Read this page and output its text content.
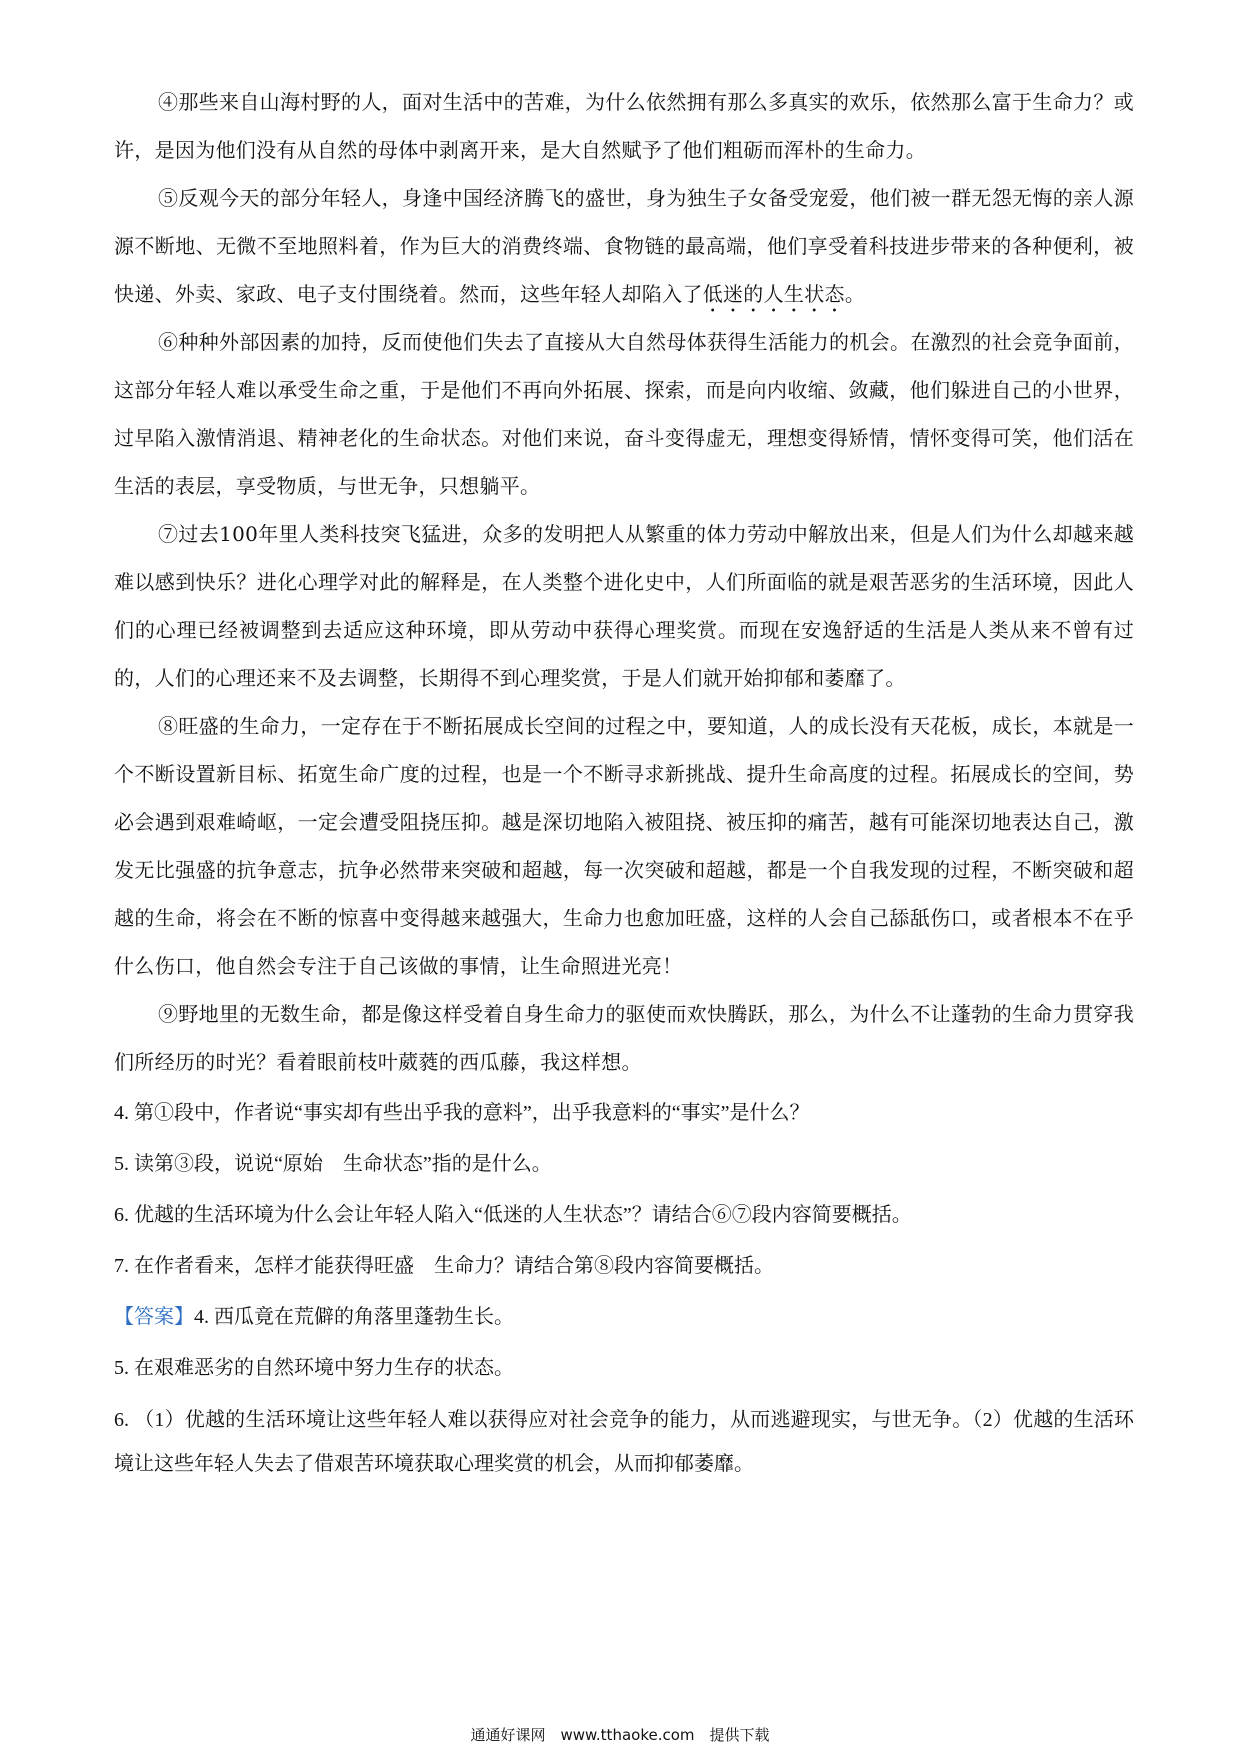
④那些来自山海村野的人，面对生活中的苦难，为什么依然拥有那么多真实的欢乐，依然那么富于生命力？或许，是因为他们没有从自然的母体中剥离开来，是大自然赋予了他们粗砺而浑朴的生命力。

⑤反观今天的部分年轻人，身逢中国经济腾飞的盛世，身为独生子女备受宠爱，他们被一群无怨无悔的亲人源源不断地、无微不至地照料着，作为巨大的消费终端、食物链的最高端，他们享受着科技进步带来的各种便利，被快递、外卖、家政、电子支付围绕着。然而，这些年轻人却陷入了低迷的人生状态。

⑥种种外部因素的加持，反而使他们失去了直接从大自然母体获得生活能力的机会。在激烈的社会竞争面前，这部分年轻人难以承受生命之重，于是他们不再向外拓展、探索，而是向内收缩、敛藏，他们躲进自己的小世界，过早陷入激情消退、精神老化的生命状态。对他们来说，奋斗变得虚无，理想变得矫情，情怀变得可笑，他们活在生活的表层，享受物质，与世无争，只想躺平。

⑦过去100年里人类科技突飞猛进，众多的发明把人从繁重的体力劳动中解放出来，但是人们为什么却越来越难以感到快乐？进化心理学对此的解释是，在人类整个进化史中，人们所面临的就是艰苦恶劣的生活环境，因此人们的心理已经被调整到去适应这种环境，即从劳动中获得心理奖赏。而现在安逸舒适的生活是人类从来不曾有过的，人们的心理还来不及去调整，长期得不到心理奖赏，于是人们就开始抑郁和萎靡了。

⑧旺盛的生命力，一定存在于不断拓展成长空间的过程之中，要知道，人的成长没有天花板，成长，本就是一个不断设置新目标、拓宽生命广度的过程，也是一个不断寻求新挑战、提升生命高度的过程。拓展成长的空间，势必会遇到艰难崎岖，一定会遭受阻挠压抑。越是深切地陷入被阻挠、被压抑的痛苦，越有可能深切地表达自己，激发无比强盛的抗争意志，抗争必然带来突破和超越，每一次突破和超越，都是一个自我发现的过程，不断突破和超越的生命，将会在不断的惊喜中变得越来越强大，生命力也愈加旺盛，这样的人会自己舔舐伤口，或者根本不在乎什么伤口，他自然会专注于自己该做的事情，让生命照进光亮！

⑨野地里的无数生命，都是像这样受着自身生命力的驱使而欢快腾跃，那么，为什么不让蓬勃的生命力贯穿我们所经历的时光？看着眼前枝叶葳蕤的西瓜藤，我这样想。

4. 第①段中，作者说“事实却有些出乎我的意料”，出乎我意料的“事实”是什么？

5. 读第③段，说说“原始　生命状态”指的是什么。

6. 优越的生活环境为什么会让年轻人陷入“低迷的人生状态”？请结合⑥⑦段内容简要概括。

7. 在作者看来，怎样才能获得旺盛　生命力？请结合第⑧段内容简要概括。

【答案】4. 西瓜竟在荒僻的角落里蓬勃生长。

5. 在艰难恶劣的自然环境中努力生存的状态。

6. （1）优越的生活环境让这些年轻人难以获得应对社会竞争的能力，从而逃避现实，与世无争。（2）优越的生活环境让这些年轻人失去了借艰苦环境获取心理奖赏的机会，从而抑郁萎靡。

通通好课网　www.tthaoke.com　提供下载
